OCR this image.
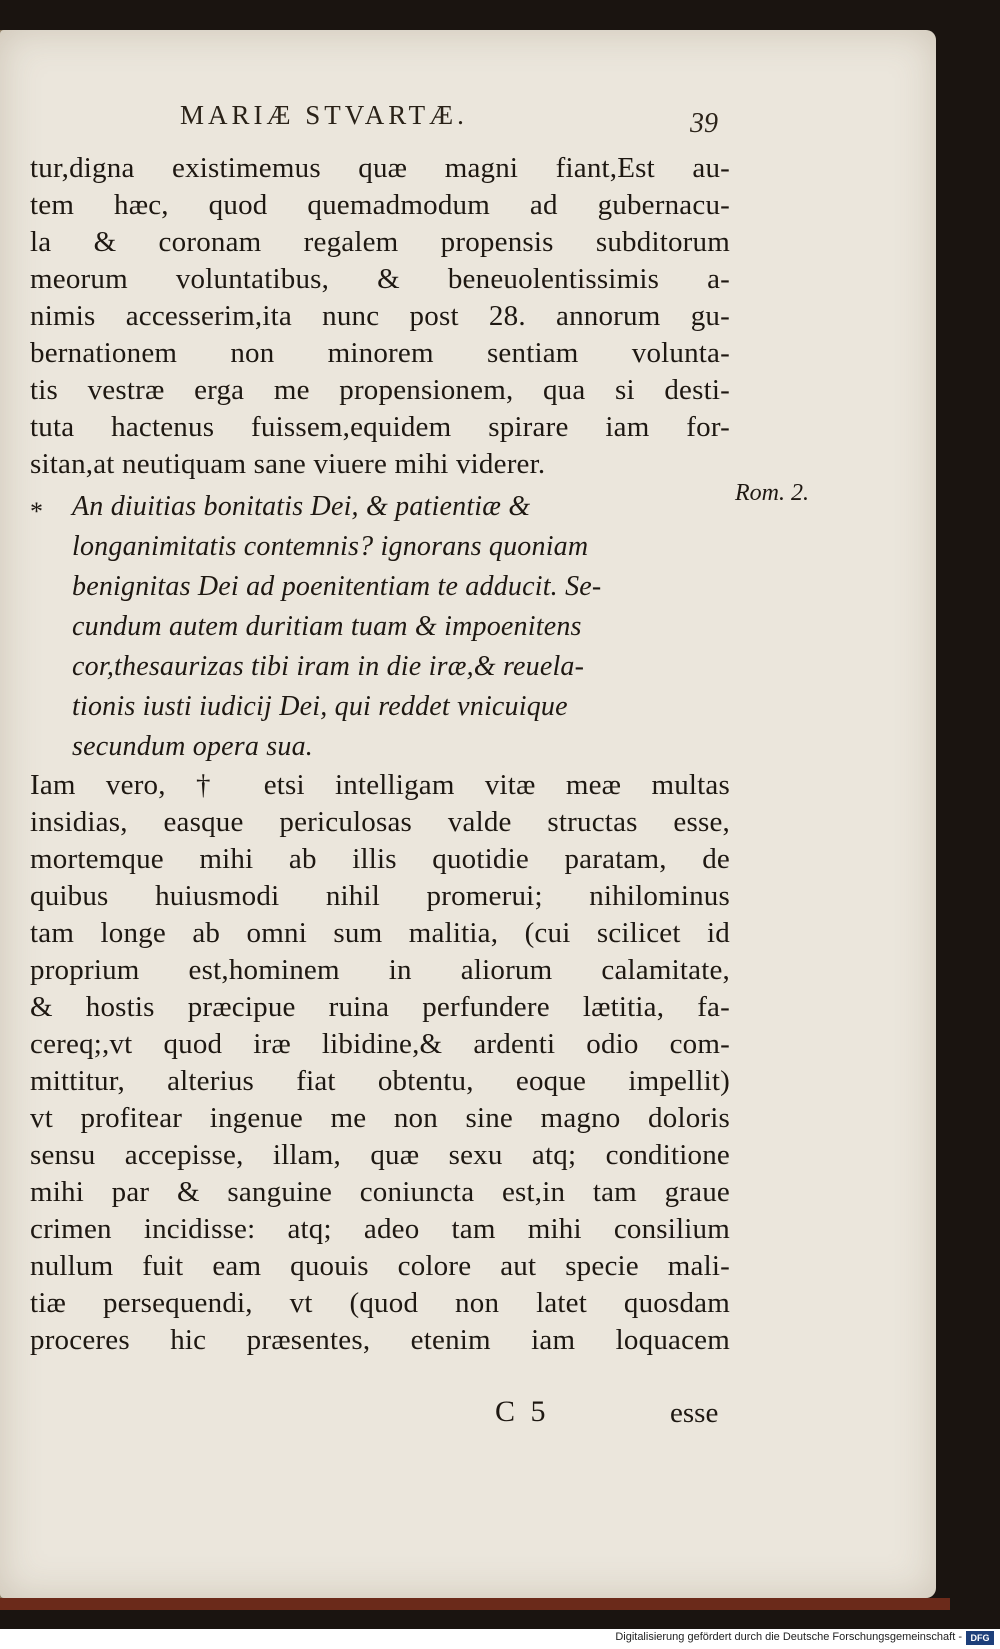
MARIÆ STVARTÆ.	39
tur,digna existimemus quæ magni fiant,Est au-
tem hæc, quod quemadmodum ad gubernacu-
la & coronam regalem propensis subditorum
meorum voluntatibus, & beneuolentissimis a-
nimis accesserim,ita nunc post 28. annorum gu-
bernationem non minorem sentiam volunta-
tis vestræ erga me propensionem, qua si desti-
tuta hactenus fuissem,equidem spirare iam for-
sitan,at neutiquam sane viuere mihi viderer.
An diuitias bonitatis Dei, & patientiæ &
longanimitatis contemnis? ignorans quoniam
benignitas Dei ad poenitentiam te adducit. Se-
cundum autem duritiam tuam & impoenitens
cor,thesaurizas tibi iram in die iræ,& reuela-
tionis iusti iudicij Dei, qui reddet vnicuique
secundum opera sua.
Iam vero, † etsi intelligam vitæ meæ multas
insidias, easque periculosas valde structas esse,
mortemque mihi ab illis quotidie paratam, de
quibus huiusmodi nihil promerui; nihilominus
tam longe ab omni sum malitia, (cui scilicet id
proprium est,hominem in aliorum calamitate,
& hostis præcipue ruina perfundere lætitia, fa-
cereq;,vt quod iræ libidine,& ardenti odio com-
mittitur, alterius fiat obtentu, eoque impellit)
vt profitear ingenue me non sine magno doloris
sensu accepisse, illam, quæ sexu atq; conditione
mihi par & sanguine coniuncta est,in tam graue
crimen incidisse: atq; adeo tam mihi consilium
nullum fuit eam quouis colore aut specie mali-
tiæ persequendi, vt (quod non latet quosdam
proceres hic præsentes, etenim iam loquacem
*
Rom. 2.
C 5	esse
Digitalisierung gefördert durch die Deutsche Forschungsgemeinschaft - DFG
